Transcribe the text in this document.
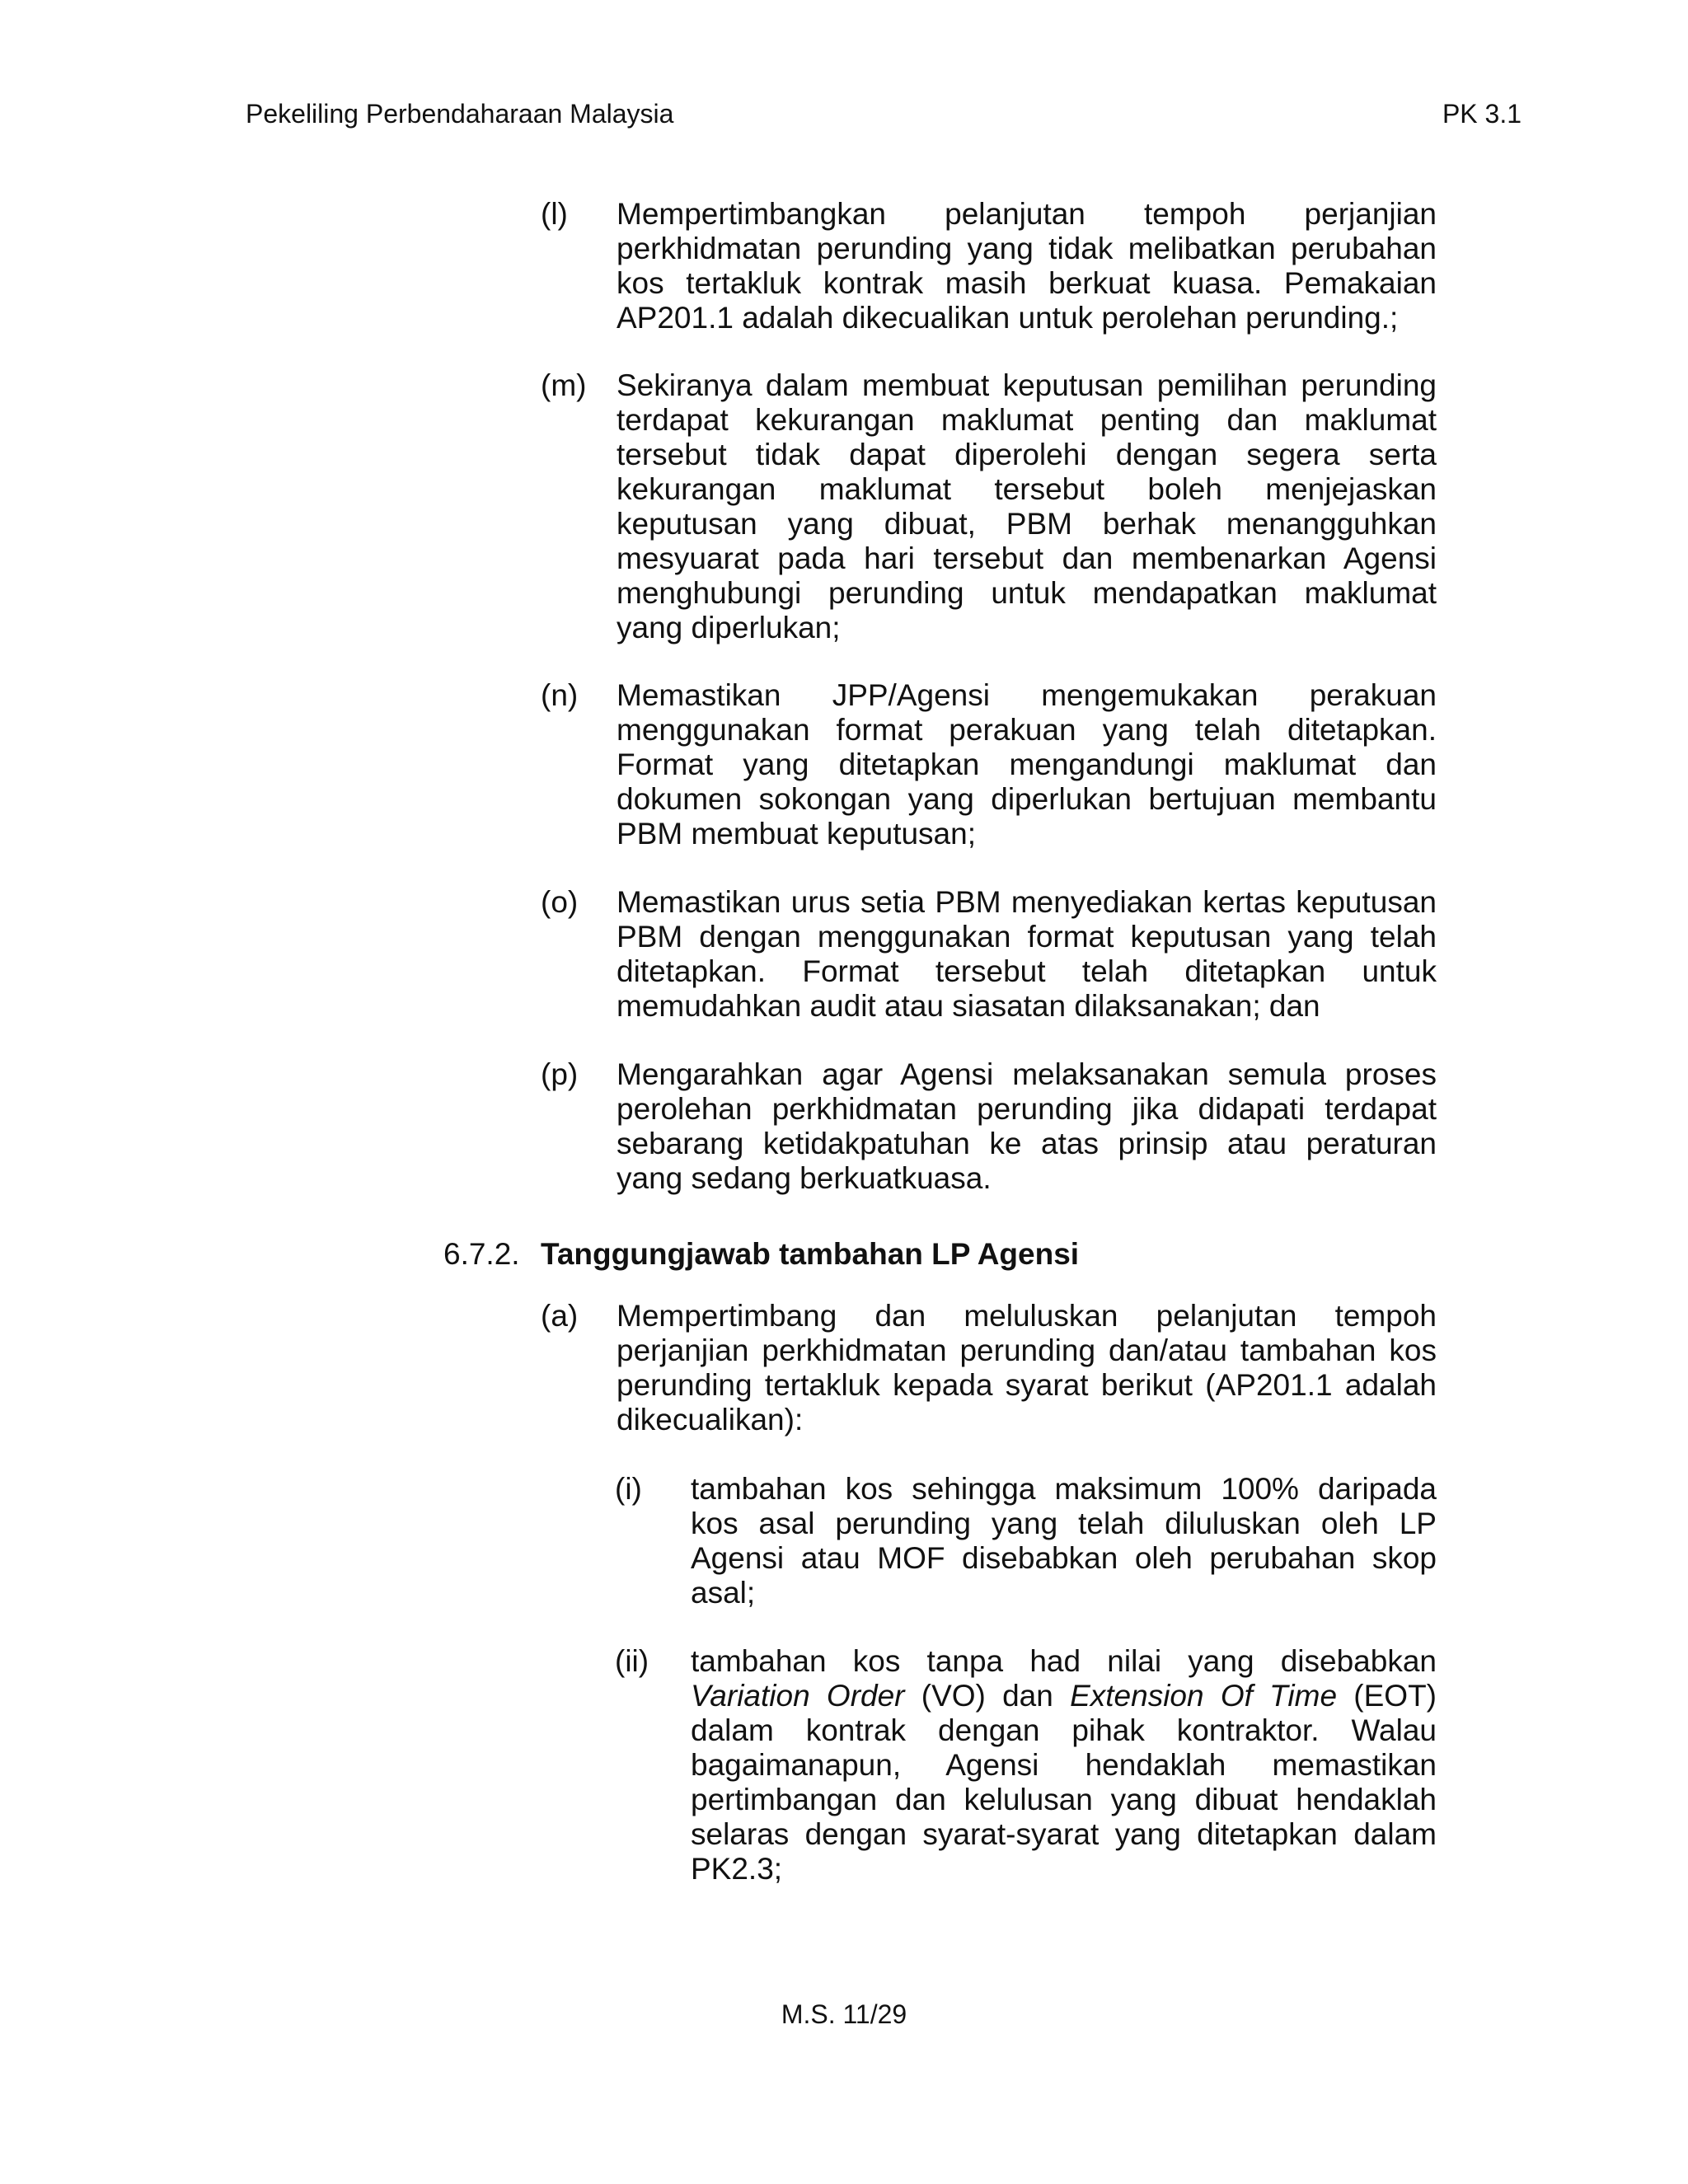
Pekeliling Perbendaharaan Malaysia	PK 3.1
(l) Mempertimbangkan pelanjutan tempoh perjanjian perkhidmatan perunding yang tidak melibatkan perubahan kos tertakluk kontrak masih berkuat kuasa. Pemakaian AP201.1 adalah dikecualikan untuk perolehan perunding.;
(m) Sekiranya dalam membuat keputusan pemilihan perunding terdapat kekurangan maklumat penting dan maklumat tersebut tidak dapat diperolehi dengan segera serta kekurangan maklumat tersebut boleh menjejaskan keputusan yang dibuat, PBM berhak menangguhkan mesyuarat pada hari tersebut dan membenarkan Agensi menghubungi perunding untuk mendapatkan maklumat yang diperlukan;
(n) Memastikan JPP/Agensi mengemukakan perakuan menggunakan format perakuan yang telah ditetapkan. Format yang ditetapkan mengandungi maklumat dan dokumen sokongan yang diperlukan bertujuan membantu PBM membuat keputusan;
(o) Memastikan urus setia PBM menyediakan kertas keputusan PBM dengan menggunakan format keputusan yang telah ditetapkan. Format tersebut telah ditetapkan untuk memudahkan audit atau siasatan dilaksanakan; dan
(p) Mengarahkan agar Agensi melaksanakan semula proses perolehan perkhidmatan perunding jika didapati terdapat sebarang ketidakpatuhan ke atas prinsip atau peraturan yang sedang berkuatkuasa.
6.7.2. Tanggungjawab tambahan LP Agensi
(a) Mempertimbang dan meluluskan pelanjutan tempoh perjanjian perkhidmatan perunding dan/atau tambahan kos perunding tertakluk kepada syarat berikut (AP201.1 adalah dikecualikan):
(i) tambahan kos sehingga maksimum 100% daripada kos asal perunding yang telah diluluskan oleh LP Agensi atau MOF disebabkan oleh perubahan skop asal;
(ii) tambahan kos tanpa had nilai yang disebabkan Variation Order (VO) dan Extension Of Time (EOT) dalam kontrak dengan pihak kontraktor. Walau bagaimanapun, Agensi hendaklah memastikan pertimbangan dan kelulusan yang dibuat hendaklah selaras dengan syarat-syarat yang ditetapkan dalam PK2.3;
M.S. 11/29
